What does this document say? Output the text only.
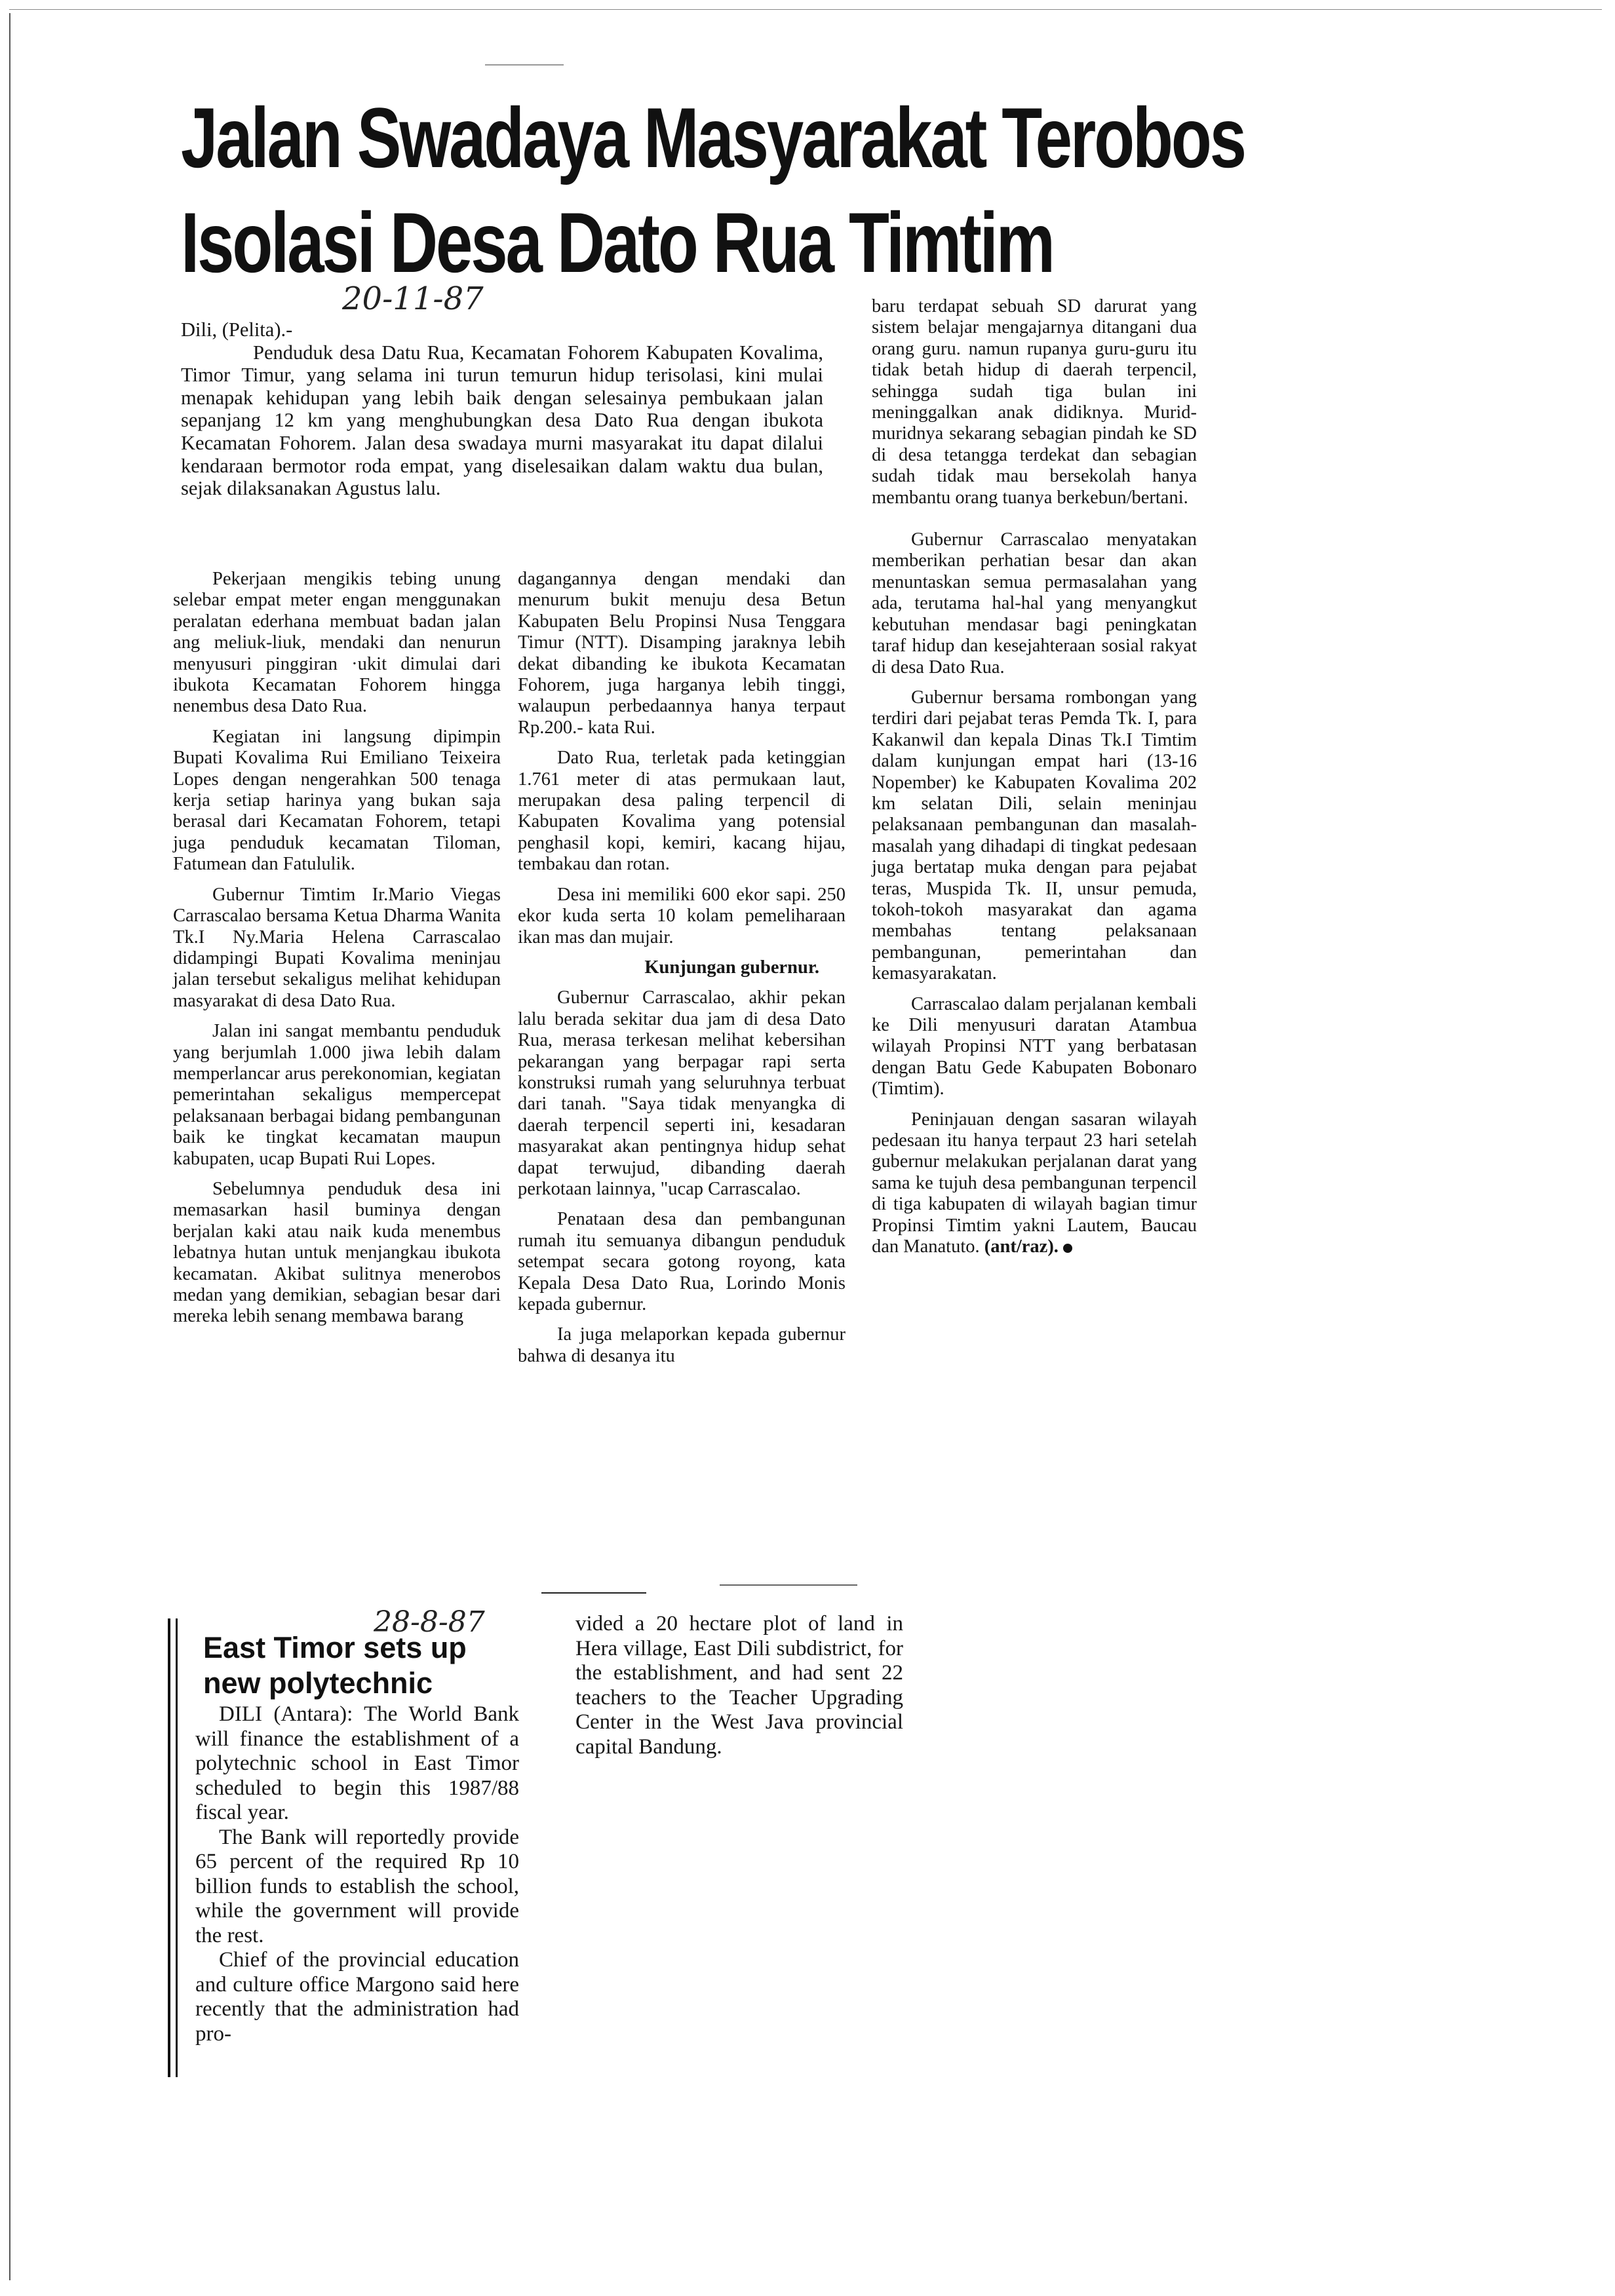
Jalan Swadaya Masyarakat Terobos
Isolasi Desa Dato Rua Timtim
20-11-87

Dili, (Pelita).-

Penduduk desa Datu Rua, Kecamatan Fohorem Kabupaten Kovalima, Timor Timur, yang selama ini turun temurun hidup terisolasi, kini mulai menapak kehidupan yang lebih baik dengan selesainya pembukaan jalan sepanjang 12 km yang menghubungkan desa Dato Rua dengan ibukota Kecamatan Fohorem. Jalan desa swadaya murni masyarakat itu dapat dilalui kendaraan bermotor roda empat, yang diselesaikan dalam waktu dua bulan, sejak dilaksanakan Agustus lalu.

Pekerjaan mengikis tebing unung selebar empat meter engan menggunakan peralatan ederhana membuat badan jalan ang meliuk-liuk, mendaki dan nenurun menyusuri pinggiran ·ukit dimulai dari ibukota Kecamatan Fohorem hingga nenembus desa Dato Rua.

Kegiatan ini langsung dipimpin Bupati Kovalima Rui Emiliano Teixeira Lopes dengan nengerahkan 500 tenaga kerja setiap harinya yang bukan saja berasal dari Kecamatan Fohorem, tetapi juga penduduk kecamatan Tiloman, Fatumean dan Fatululik.

Gubernur Timtim Ir.Mario Viegas Carrascalao bersama Ketua Dharma Wanita Tk.I Ny.Maria Helena Carrascalao didampingi Bupati Kovalima meninjau jalan tersebut sekaligus melihat kehidupan masyarakat di desa Dato Rua.

Jalan ini sangat membantu penduduk yang berjumlah 1.000 jiwa lebih dalam memperlancar arus perekonomian, kegiatan pemerintahan sekaligus mempercepat pelaksanaan berbagai bidang pembangunan baik ke tingkat kecamatan maupun kabupaten, ucap Bupati Rui Lopes.

Sebelumnya penduduk desa ini memasarkan hasil buminya dengan berjalan kaki atau naik kuda menembus lebatnya hutan untuk menjangkau ibukota kecamatan. Akibat sulitnya menerobos medan yang demikian, sebagian besar dari mereka lebih senang membawa barang

dagangannya dengan mendaki dan menurum bukit menuju desa Betun Kabupaten Belu Propinsi Nusa Tenggara Timur (NTT). Disamping jaraknya lebih dekat dibanding ke ibukota Kecamatan Fohorem, juga harganya lebih tinggi, walaupun perbedaannya hanya terpaut Rp.200.- kata Rui.

Dato Rua, terletak pada ketinggian 1.761 meter di atas permukaan laut, merupakan desa paling terpencil di Kabupaten Kovalima yang potensial penghasil kopi, kemiri, kacang hijau, tembakau dan rotan.

Desa ini memiliki 600 ekor sapi. 250 ekor kuda serta 10 kolam pemeliharaan ikan mas dan mujair.

Kunjungan gubernur.

Gubernur Carrascalao, akhir pekan lalu berada sekitar dua jam di desa Dato Rua, merasa terkesan melihat kebersihan pekarangan yang berpagar rapi serta konstruksi rumah yang seluruhnya terbuat dari tanah. "Saya tidak menyangka di daerah terpencil seperti ini, kesadaran masyarakat akan pentingnya hidup sehat dapat terwujud, dibanding daerah perkotaan lainnya, "ucap Carrascalao.

Penataan desa dan pembangunan rumah itu semuanya dibangun penduduk setempat secara gotong royong, kata Kepala Desa Dato Rua, Lorindo Monis kepada gubernur.

Ia juga melaporkan kepada gubernur bahwa di desanya itu

baru terdapat sebuah SD darurat yang sistem belajar mengajarnya ditangani dua orang guru. namun rupanya guru-guru itu tidak betah hidup di daerah terpencil, sehingga sudah tiga bulan ini meninggalkan anak didiknya. Murid-muridnya sekarang sebagian pindah ke SD di desa tetangga terdekat dan sebagian sudah tidak mau bersekolah hanya membantu orang tuanya berkebun/bertani.

Gubernur Carrascalao menyatakan memberikan perhatian besar dan akan menuntaskan semua permasalahan yang ada, terutama hal-hal yang menyangkut kebutuhan mendasar bagi peningkatan taraf hidup dan kesejahteraan sosial rakyat di desa Dato Rua.

Gubernur bersama rombongan yang terdiri dari pejabat teras Pemda Tk. I, para Kakanwil dan kepala Dinas Tk.I Timtim dalam kunjungan empat hari (13-16 Nopember) ke Kabupaten Kovalima 202 km selatan Dili, selain meninjau pelaksanaan pembangunan dan masalah-masalah yang dihadapi di tingkat pedesaan juga bertatap muka dengan para pejabat teras, Muspida Tk. II, unsur pemuda, tokoh-tokoh masyarakat dan agama membahas tentang pelaksanaan pembangunan, pemerintahan dan kemasyarakatan.

Carrascalao dalam perjalanan kembali ke Dili menyusuri daratan Atambua wilayah Propinsi NTT yang berbatasan dengan Batu Gede Kabupaten Bobonaro (Timtim).

Peninjauan dengan sasaran wilayah pedesaan itu hanya terpaut 23 hari setelah gubernur melakukan perjalanan darat yang sama ke tujuh desa pembangunan terpencil di tiga kabupaten di wilayah bagian timur Propinsi Timtim yakni Lautem, Baucau dan Manatuto. (ant/raz).

East Timor sets up
new polytechnic
28-8-87

DILI (Antara): The World Bank will finance the establishment of a polytechnic school in East Timor scheduled to begin this 1987/88 fiscal year.

The Bank will reportedly provide 65 percent of the required Rp 10 billion funds to establish the school, while the government will provide the rest.

Chief of the provincial education and culture office Margono said here recently that the administration had pro-

vided a 20 hectare plot of land in Hera village, East Dili subdistrict, for the establishment, and had sent 22 teachers to the Teacher Upgrading Center in the West Java provincial capital Bandung.
